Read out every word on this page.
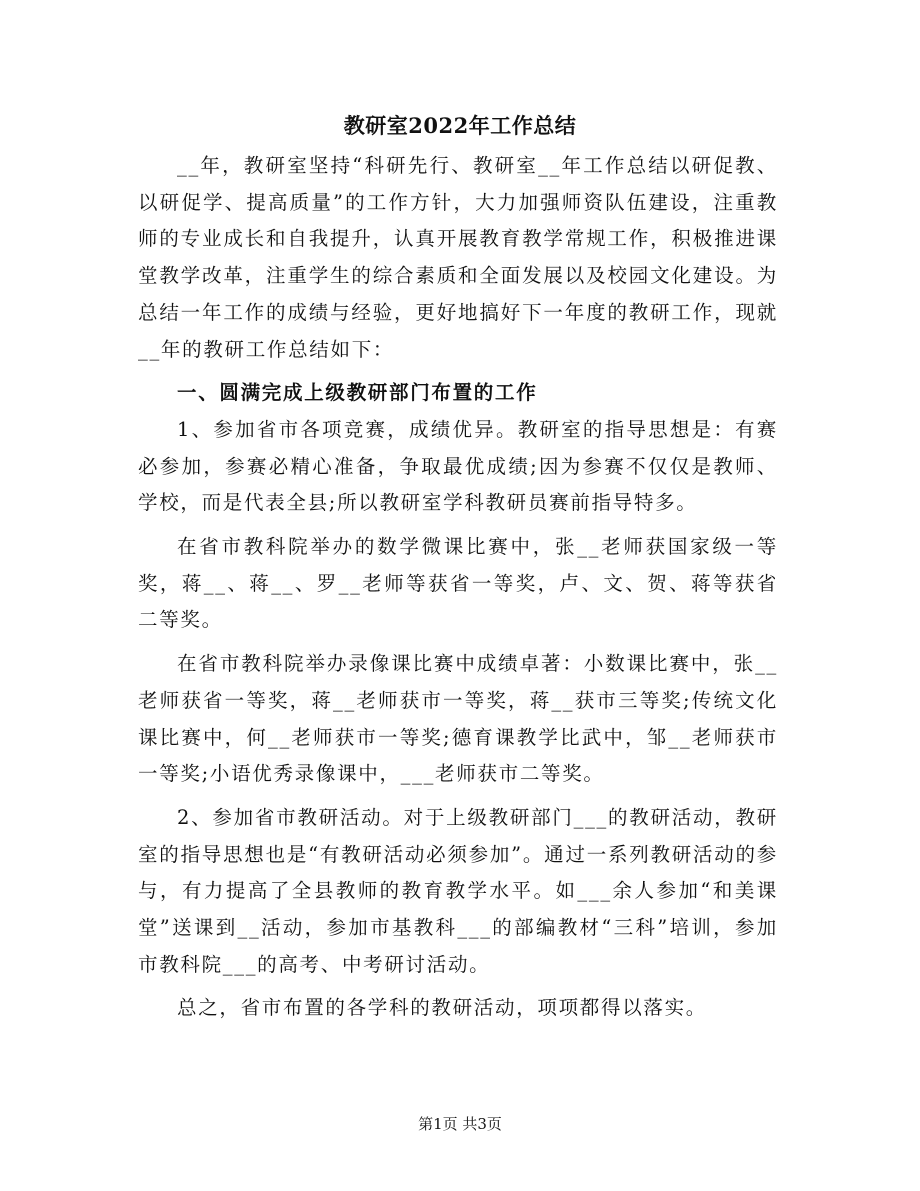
教研室2022年工作总结

__年，教研室坚持“科研先行、教研室__年工作总结以研促教、以研促学、提高质量”的工作方针，大力加强师资队伍建设，注重教师的专业成长和自我提升，认真开展教育教学常规工作，积极推进课堂教学改革，注重学生的综合素质和全面发展以及校园文化建设。为总结一年工作的成绩与经验，更好地搞好下一年度的教研工作，现就__年的教研工作总结如下：

一、圆满完成上级教研部门布置的工作

1、参加省市各项竞赛，成绩优异。教研室的指导思想是：有赛必参加，参赛必精心准备，争取最优成绩;因为参赛不仅仅是教师、学校，而是代表全县;所以教研室学科教研员赛前指导特多。

在省市教科院举办的数学微课比赛中，张__老师获国家级一等奖，蒋__、蒋__、罗__老师等获省一等奖，卢、文、贺、蒋等获省二等奖。

在省市教科院举办录像课比赛中成绩卓著：小数课比赛中，张__老师获省一等奖，蒋__老师获市一等奖，蒋__获市三等奖;传统文化课比赛中，何__老师获市一等奖;德育课教学比武中，邹__老师获市一等奖;小语优秀录像课中，___老师获市二等奖。

2、参加省市教研活动。对于上级教研部门___的教研活动，教研室的指导思想也是“有教研活动必须参加”。通过一系列教研活动的参与，有力提高了全县教师的教育教学水平。如___余人参加“和美课堂”送课到__活动，参加市基教科___的部编教材“三科”培训，参加市教科院___的高考、中考研讨活动。

总之，省市布置的各学科的教研活动，项项都得以落实。

第1页 共3页
